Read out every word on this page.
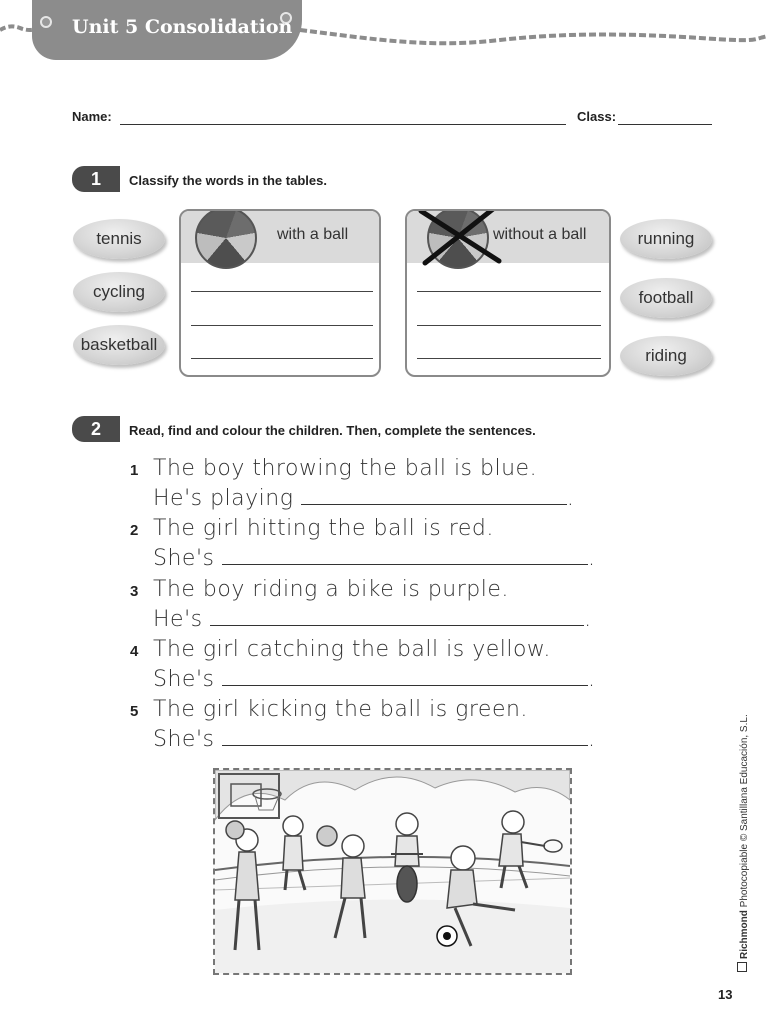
Unit 5 Consolidation
Name:	Class:
1	Classify the words in the tables.
tennis
cycling
basketball
with a ball	without a ball	running
football
riding
2	Read, find and colour the children. Then, complete the sentences.
1 The boy throwing the ball is blue.
He's playing	.
2 The girl hitting the ball is red.
She's	.
3 The boy riding a bike is purple.
He's	.
4 The girl catching the ball is yellow.
She's	.
5 The girl kicking the ball is green.
She's	.
Richmond Photocopiable © Santillana Educación, S.L.
13
